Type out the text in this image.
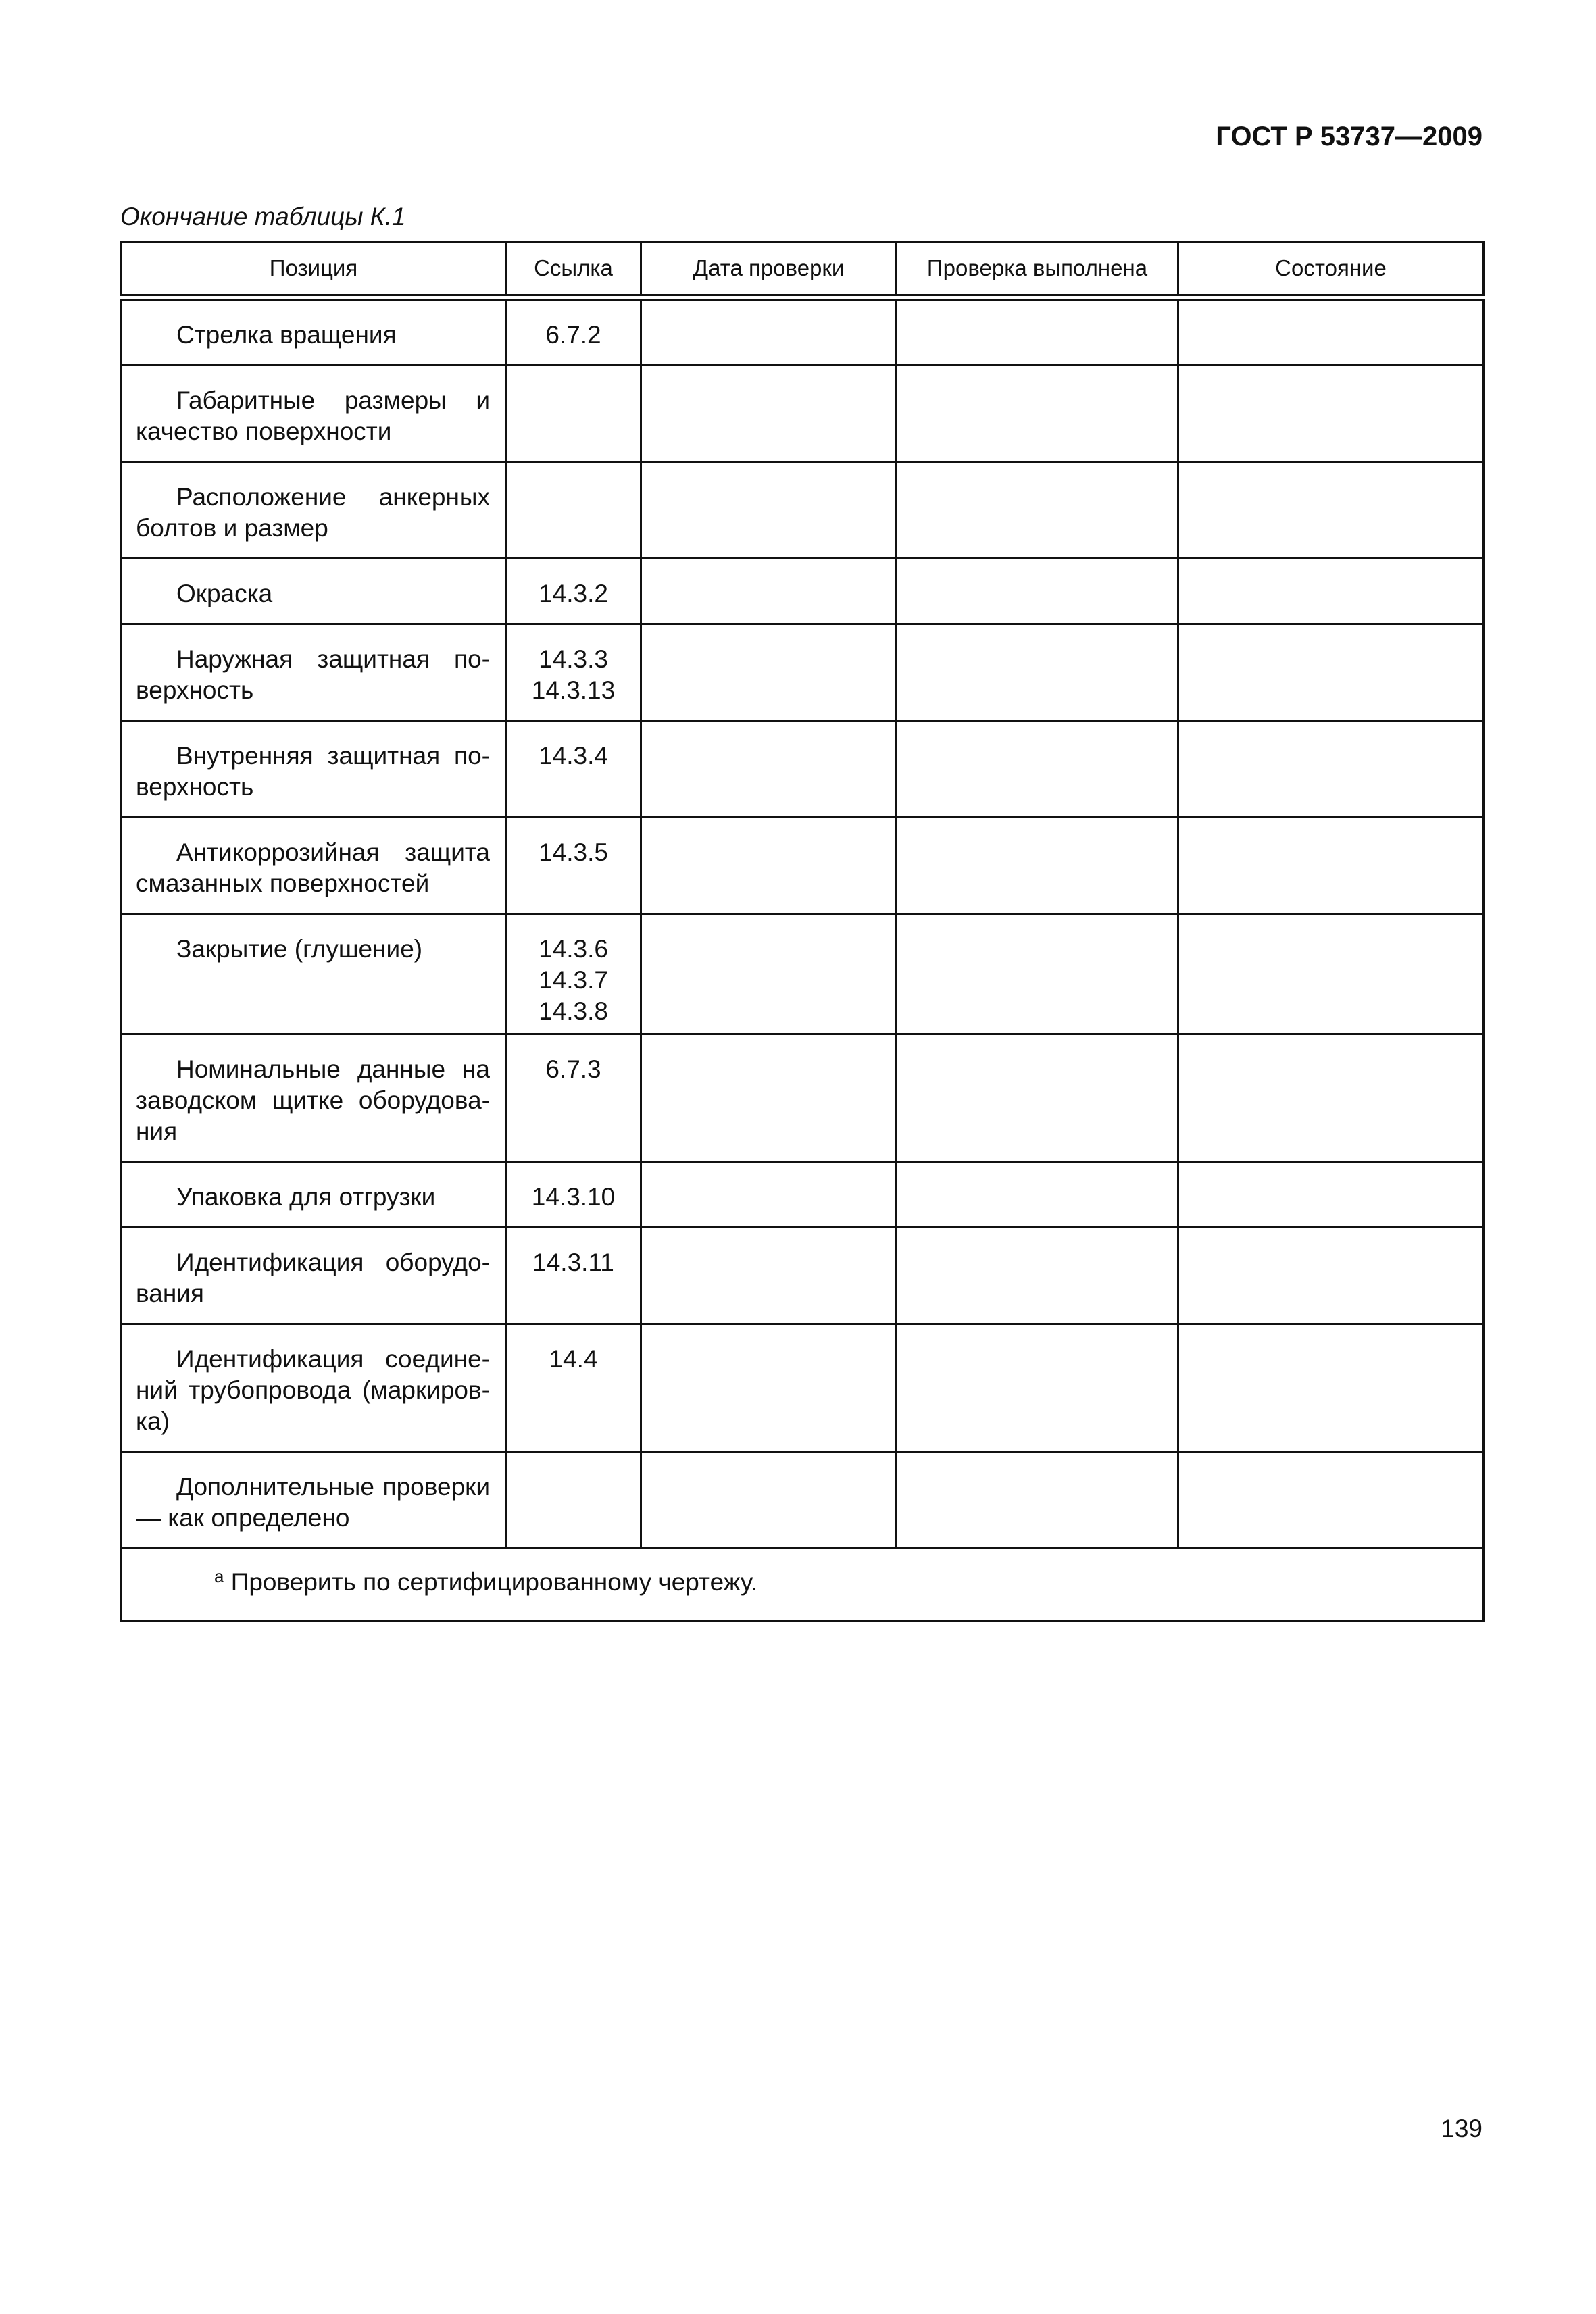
ГОСТ Р 53737—2009
Окончание таблицы К.1
Позиция	Ссылка	Дата проверки	Проверка выполнена	Состояние
Стрелка вращения	6.7.2			

Габаритные размеры и качество поверхности				
Расположение анкерных болтов и размер				
Окраска	14.3.2			

Наружная защитная поверхность	14.3.3
14.3.13			

Внутренняя защитная поверхность	14.3.4			

Антикоррозийная защита смазанных поверхностей	14.3.5			

Закрытие (глушение)	14.3.6
14.3.7
14.3.8			

Номинальные данные на заводском щитке оборудования	6.7.3			

Упаковка для отгрузки	14.3.10			

Идентификация оборудования	14.3.11			

Идентификация соединений трубопровода (маркировка)	14.4			

Дополнительные проверки — как определено				
$^а$ Проверить по сертифицированному чертежу.				
139
